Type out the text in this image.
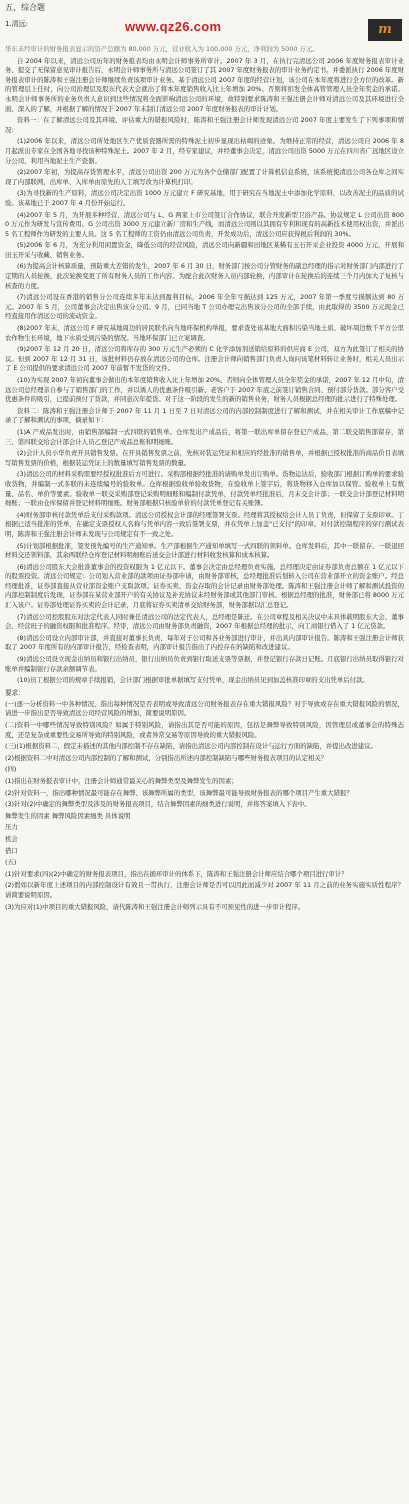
五、综合题
1.清远:	www.qz26.com	m

华东未经审计的财务报表显示的资产总额为 80,000 万元，营业收入为 100,000 万元，净利润为 5000 万元。

自 2004 年以来，清远公司历年的财务报表均由永明会计师事务所审计。2007 年 3 月，在执行完清远公司 2006 年度财务报表审计业务、提交了无保留意见审计报告后，永明会计师事务所与清远公司签订了其 2007 年度财务报表的审计业务约定书。并委派执行 2006 年度财务报表审计的陈涛和王强注册会计师继续负责该项审计业务。基于清远公司 2007 年度的经营计划，该公司在本年度将进行全方位的改革。新的管理层上任时，向公司治理层及股东代表大会就出了将本年度销售收入比上年增加 20%、否则将扣发全体高管管理人员全年奖金的承诺。永明会计师事务所的业务负责人意识到这些情况将全面影响清远公司的环境，故特别要求陈涛和王强注册会计师对清远公司及其环境进行全面、深入的了解，并根据了解的情况于 2007 年末制订清远公司 2007 年度财务报表的审计计划。

资料一：在了解清远公司及其环境、评估重大的错报风险时，陈涛和王强注册会计师发现清远公司 2007 年度主要发生了下列事项和情况：

(1)2006 年以来，清远公司所处地区生产优质瓷器所需的特殊泥土初步显现出枯竭的迹象。为维持正常的经营，清远公司自 2006 年 8 月起派出专家在全国各地寻找该种特殊泥土。2007 年 2 月，经专家建议，并经董事会决定，清远公司出资 5000 万元在四川省广远地区设立分公司，利用当地泥土生产瓷器。

(2)2007 年初，为提高存货管理水平，清远公司出资 200 万元为各个仓储部门配置了计算机信息系统，该系统使清远公司各仓库之间实现了内部联网，出库单、入库单由原先的人工填写改为计算机打印。

(3)为寻找新的生产原料，清远公司决定出资 1000 万元建立 F 研究基地，用于研究在当地泥土中添加化学原料，以改善泥土的品质的试验。该基地已于 2007 年 4 月份开始运行。

(4)2007 年 5 月，为开展多种经营，清远公司与 L、G 两家上市公司签订合作协议，联合开发新型卫浴产品。协议规定 L 公司出资 8000 万元作为研发与宣传费用、G 公司出资 3000 万元建立新厂房和生产线，而清远公司则以其拥有专利和现有的高新技术使用权出资，并派出 5 名工程师作为研发的主要人员。这 5 名工程师的工资仍由清远公司负责，开发成功后，清远公司应获得税后利润的 30%。

(5)2006 年 6 月，为充分利用闲置资金，降低公司的经营风险，清远公司向新疆和田地区某稀有玉石开采企业投资 4000 万元，开展和田玉开采与收藏、销售业务。

(6)为提高会计核算质量，预防重大差错的发生，2007 年 6 月 30 日，财务部门按公司分管财务的副总经理的指示对财务部门内部进行了定期的人员轮换，此次轮换变更了所有财务人员的工作内容。为配合此次财务人员内部轮换，内部审计在轮换后的连续三个月内加大了复核与核查的力度。

(7)清远公司设在香港的销售分公司连续多年未达到盈利目标，2006 年全年亏损达到 125 万元，2007 年第一季度亏损额达到 80 万元。2007 年 5 月，公司董事会决定出售该分公司。9 月，已同当地 T 公司办理完出售该分公司的全部手续，由此取得的 3500 万元现金已经直接用作清远公司的流动资金。

(8)2007 年末，清远公司 F 研究基地周边的居民联名向当地环保机构举报，要求查处该基地大面积污染当地土质、破坏周边数千平方公里农作物生长环境，地下水质受到污染的情况。当地环保部门已立案调查。

(9)2007 年 12 月 20 日，清远公司将库存的 300 万元生产必须的 C 化学添加剂送销给原料的供应商 E 公司，双方为此签订了相关的协议。但到 2007 年 12 月 31 日，该批材料仍存放在清远公司的仓库。注册会计师向销售部门负责人询问该笔材料转让业务时，相关人员出示了 E 公司提供的要求清远公司 2007 年前暂不发货的文件。

(10)为实现 2007 年初向董事会做出的本年度销售收入比上年增加 20%、否则向全体管理人员全年奖金的承诺，2007 年 12 月中旬，清远公司总经理亲自参与了销售部门的工作，并以诱人的优惠条件吸引新、老客户于 2007 年底之前签订销售合同、预付部分货款。部分客户受优惠条件的吸引，已提前预付了货款，并同意次年提货。对于这一阶段的发生的新的销售业务，财务人员根据总经理的批示进行了特殊处理。

资料二：陈涛和王强注册会计师于 2007 年 11 月 1 日至 7 日对清远公司的内部控制制度进行了解和测试，并在相关审计工作底稿中记录了了解和测试的事项，摘录如下：

(1)A 产成品发出时，由销售部编制一式四联的销售单。仓库发出产成品后，将第一联出库单留存登记产成品，第二联交销售部留存，第三、第四联交给会计部会计人员乙登记产成品总账和明细账。

(2)会计人员小华负责开具销售发票。在开具销售发票之前，先核对装运凭证和相应的经批准的销售单，并根据已授权批准的商品价目表填写销售发票的价格，根据装运凭证上的数量填写销售发票的数量。

(3)清远公司的材料采购需要经授权批准后方可进行。采购部根据经批准的请购单发出订购单。货物运达后，验收部门根据订购单的要求验收货物，并编制一式多联的未连续编号的验收单。仓库根据验收单验收货物，在验收单上签字后，将货物移入仓库加以保管。验收单上有数量、品名、单价等要素。验收单一联交采购部登记采购明细账和编制付款凭单，付款凭单经批准后，月末交会计部；一联交会计部登记材料明细账；一联由仓库保留并登记材料明细账。财务部根据只核验单价的付款凭单登记有关账簿。

(4)财务部审核付款凭单后支付采购款项。清远公司授权会计部的经理签署支票。经理将其授权给会计人员丁负责，但保留了支票印章。丁根据已适当批准的凭单，在确定支票授权人名称与凭单内容一致后签署支票，并在凭单上加盖"已支付"的印章。对付款控制程序的穿行测试表明，陈涛和王强注册会计师未发现与公司规定有不一致之处。

(5)计划部根据批准，签发预先编号的生产通知单。生产部根据生产通知单填写一式四联的领料单。仓库发料后，其中一联留存，一联退回材料交还领料部，其余两联经仓库登记材料明细账后送交会计部进行材料收发核算和成本核算。

(6)清远公司股东大会批准董事会的投资权限为 1 亿元以下。董事会决定由总经理负责实施。总经理决定由证券部负责总额在 1 亿元以下的股票投资。清远公司规定：公司划入营业部的款项由证券部申请，由财务部审核，总经理批准后划转入公司在营业部开立的资金账户。经总经理批准，证券部直接从营业部资金账户支取款项。证券买卖、资金存取的会计记录由财务部处理。陈涛和王强注册会计师了解和测试投资的内部控制制度后发现，证券部在某营业部开户的有关协议及补充协议未经财务部或其他部门审核。根据总经理的批准，财务部已将 8000 万元汇入该户。证券部处理证券买卖的会计记录，月底将证券买卖清单交给财务部，财务部据以汇总登记。

(7)清远公司控股股东对法定代表人同时兼任清远公司的法定代表人，总经理是陈迁。在公司章程及相关决议中未具体载明股东大会、董事会、经营班子的融资权限和批准程序。经审，清远公司由财务部负责融资，2007 年根据总经理的批示，向工商银行借入了 1 亿元贷款。

(8)清远公司设立内部审计部，并直接对董事长负责，每年对子公司和各业务部进行审计，并出具内部审计报告。陈涛和王强注册会计师获取了 2007 年度所有的内部审计报告，经检查表明，内部审计报告指出了内控存在的缺陷和改进建议。

(9)清远公司设立现金出纳员和银行出纳员，银行出纳员负责到银行取送支票等票据，并登记银行存款日记账。月底银行出纳员取得银行对账单并编制银行存款余额调节表。

(10)员工根据公司的规章手续报销，会计部门根据审批单据填写支付凭单，现金出纳员见到加盖核准印章的支出凭单后付款。

要求：

(一)逐一分析资料一中各种情况，指出每种情况是否表明或导致清远公司财务报表存在重大错报风险？对于导致或存在重大错报风险的情况，请进一步指出是否导致清远公司经营风险的增加，简要说明原因。

(二)资料一中哪些情况导致特别风险？如属于特别风险，请指出其是否可能的原因，包括是舞弊导致特别风险，因管理层或董事会的特殊态度，还是复杂或重要性交易所导致的特别风险，或者异常交易等原因导致的重大错报风险。

(三)(1)根据资料二，假定未描述的其他内部控制不存在缺陷，请指出清远公司内部控制在设计与运行方面的缺陷，并提出改进建议。

(2)根据资料二中对清远公司内部控制的了解和测试，分别指出所述内部控制缺陷与哪些财务报表项目的认定相关？

(四)

(1)指出在财务报表审计中，注册会计师通常最关心的舞弊类型及舞弊发生的因素；

(2)针对资料一，指出哪种情况最可能存在舞弊、该舞弊所属的类型，该舞弊最可能导致财务报表的哪个项目产生重大错报？

(3)针对(2)中确定的舞弊类型及涉及的财务报表项目，结合舞弊因素的细类进行说明，并将答案填入下表中。

舞弊发生的因素 舞弊风险因素细类 具体说明

压力

机会

借口

(五)

(1)针对要求(四)(2)中确定的财务报表项目，指出在循环审计的体系下，陈涛和王强注册会计师应结合哪个项目进行审计？

(2)假如以新年度上述项目的内部控制设计有效且一贯执行，注册会计师是否可以因此而减少对 2007 年 11 月之前的业务实施实质性程序？请简要说明原因。

(3)为应对(1)中项目的重大错报风险，请代陈涛和王强注册会计师列示具有不可预见性的进一步审计程序。
